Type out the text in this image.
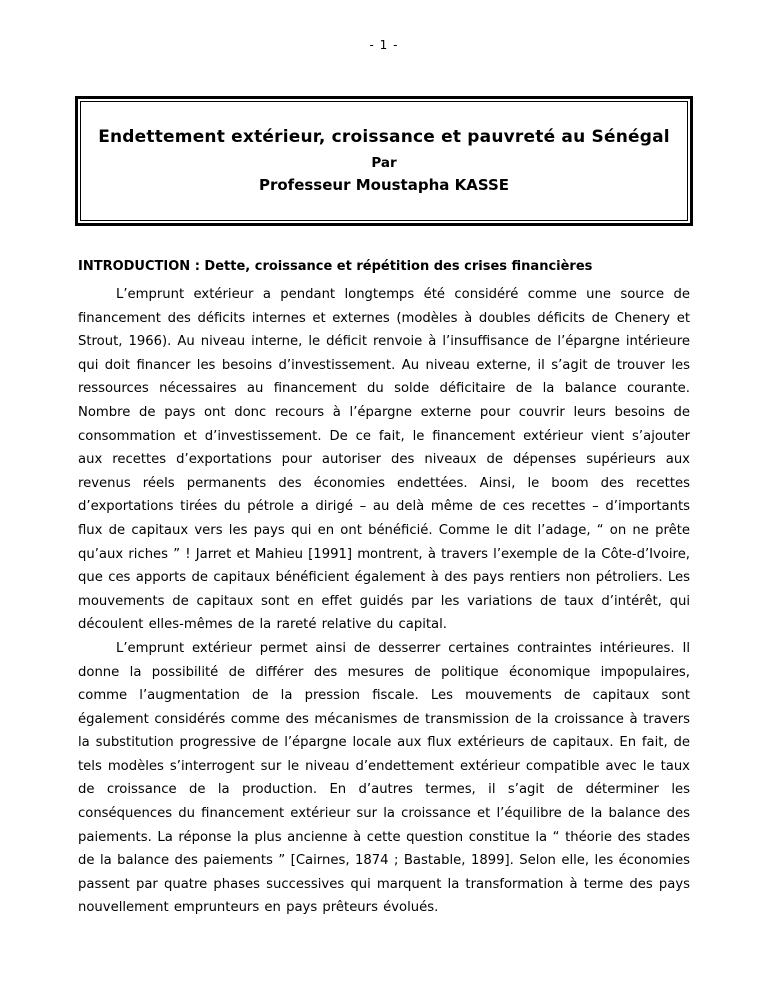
- 1 -
Endettement extérieur, croissance et pauvreté au Sénégal
Par
Professeur Moustapha KASSE
INTRODUCTION : Dette, croissance et répétition des crises financières

L’emprunt extérieur a pendant longtemps été considéré comme une source de financement des déficits internes et externes (modèles à doubles déficits de Chenery et Strout, 1966). Au niveau interne, le déficit renvoie à l’insuffisance de l’épargne intérieure qui doit financer les besoins d’investissement. Au niveau externe, il s’agit de trouver les ressources nécessaires au financement du solde déficitaire de la balance courante. Nombre de pays ont donc recours à l’épargne externe pour couvrir leurs besoins de consommation et d’investissement. De ce fait, le financement extérieur vient s’ajouter aux recettes d’exportations pour autoriser des niveaux de dépenses supérieurs aux revenus réels permanents des économies endettées. Ainsi, le boom des recettes d’exportations tirées du pétrole a dirigé – au delà même de ces recettes – d’importants flux de capitaux vers les pays qui en ont bénéficié. Comme le dit l’adage, “ on ne prête qu’aux riches ” ! Jarret et Mahieu [1991] montrent, à travers l’exemple de la Côte-d’Ivoire, que ces apports de capitaux bénéficient également à des pays rentiers non pétroliers. Les mouvements de capitaux sont en effet guidés par les variations de taux d’intérêt, qui découlent elles-mêmes de la rareté relative du capital.

L’emprunt extérieur permet ainsi de desserrer certaines contraintes intérieures. Il donne la possibilité de différer des mesures de politique économique impopulaires, comme l’augmentation de la pression fiscale. Les mouvements de capitaux sont également considérés comme des mécanismes de transmission de la croissance à travers la substitution progressive de l’épargne locale aux flux extérieurs de capitaux. En fait, de tels modèles s’interrogent sur le niveau d’endettement extérieur compatible avec le taux de croissance de la production. En d’autres termes, il s’agit de déterminer les conséquences du financement extérieur sur la croissance et l’équilibre de la balance des paiements. La réponse la plus ancienne à cette question constitue la “ théorie des stades de la balance des paiements ” [Cairnes, 1874 ; Bastable, 1899]. Selon elle, les économies passent par quatre phases successives qui marquent la transformation à terme des pays nouvellement emprunteurs en pays prêteurs évolués.
